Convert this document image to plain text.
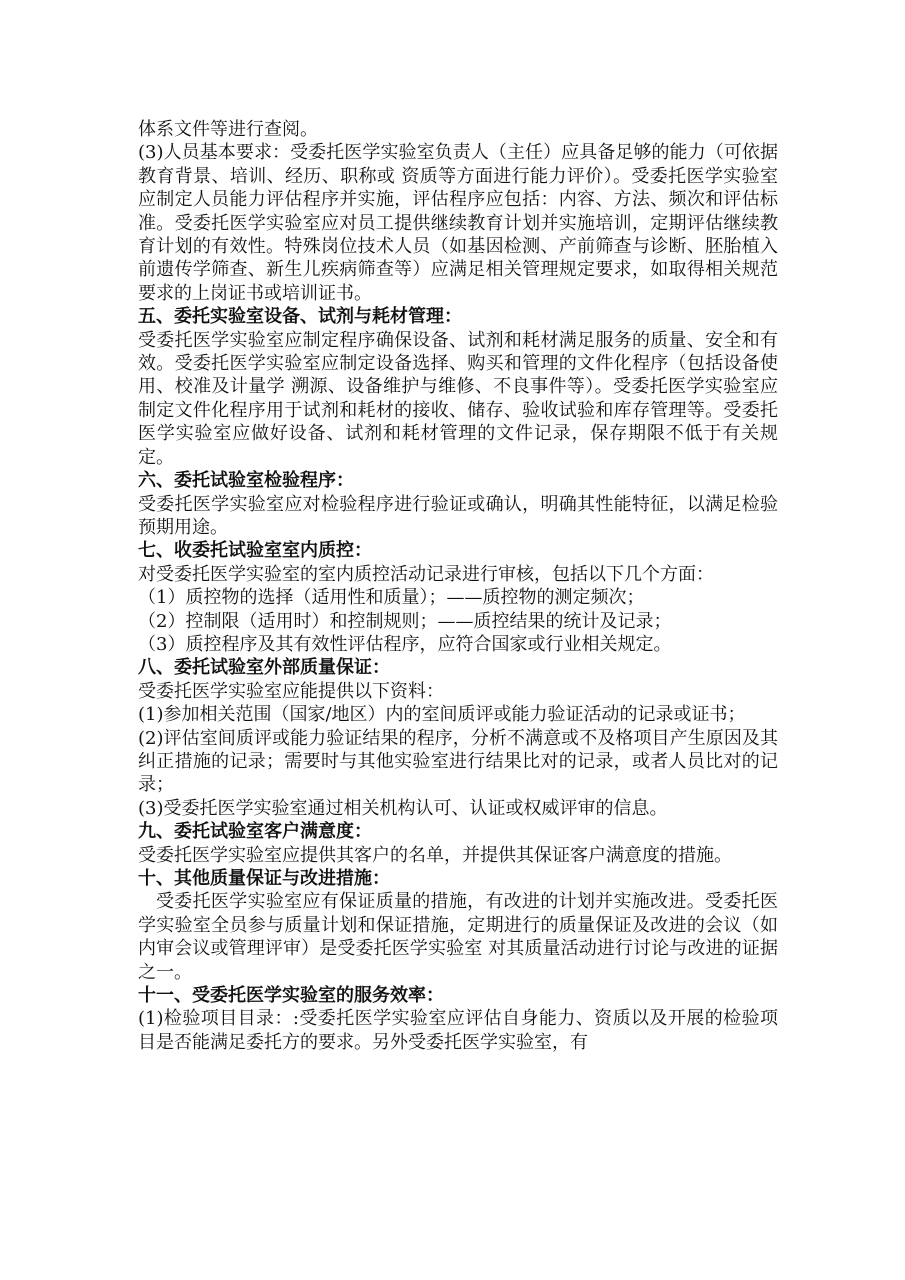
体系文件等进行查阅。

(3)人员基本要求：受委托医学实验室负责人（主任）应具备足够的能力（可依据教育背景、培训、经历、职称或 资质等方面进行能力评价）。受委托医学实验室应制定人员能力评估程序并实施，评估程序应包括：内容、方法、频次和评估标准。受委托医学实验室应对员工提供继续教育计划并实施培训，定期评估继续教育计划的有效性。特殊岗位技术人员（如基因检测、产前筛查与诊断、胚胎植入前遗传学筛查、新生儿疾病筛查等）应满足相关管理规定要求，如取得相关规范要求的上岗证书或培训证书。

五、委托实验室设备、试剂与耗材管理：

受委托医学实验室应制定程序确保设备、试剂和耗材满足服务的质量、安全和有效。受委托医学实验室应制定设备选择、购买和管理的文件化程序（包括设备使用、校准及计量学 溯源、设备维护与维修、不良事件等）。受委托医学实验室应制定文件化程序用于试剂和耗材的接收、储存、验收试验和库存管理等。受委托医学实验室应做好设备、试剂和耗材管理的文件记录，保存期限不低于有关规定。

六、委托试验室检验程序：

受委托医学实验室应对检验程序进行验证或确认，明确其性能特征，以满足检验预期用途。

七、收委托试验室室内质控：

对受委托医学实验室的室内质控活动记录进行审核，包括以下几个方面：

（1）质控物的选择（适用性和质量）；——质控物的测定频次；

（2）控制限（适用时）和控制规则；——质控结果的统计及记录；

（3）质控程序及其有效性评估程序，应符合国家或行业相关规定。

八、委托试验室外部质量保证：

受委托医学实验室应能提供以下资料：

(1)参加相关范围（国家/地区）内的室间质评或能力验证活动的记录或证书；

(2)评估室间质评或能力验证结果的程序，分析不满意或不及格项目产生原因及其纠正措施的记录；需要时与其他实验室进行结果比对的记录，或者人员比对的记录；

(3)受委托医学实验室通过相关机构认可、认证或权威评审的信息。

九、委托试验室客户满意度：

受委托医学实验室应提供其客户的名单，并提供其保证客户满意度的措施。

十、其他质量保证与改进措施：

受委托医学实验室应有保证质量的措施，有改进的计划并实施改进。受委托医学实验室全员参与质量计划和保证措施，定期进行的质量保证及改进的会议（如内审会议或管理评审）是受委托医学实验室 对其质量活动进行讨论与改进的证据之一。

十一、受委托医学实验室的服务效率：

(1)检验项目目录：:受委托医学实验室应评估自身能力、资质以及开展的检验项目是否能满足委托方的要求。另外受委托医学实验室，有
